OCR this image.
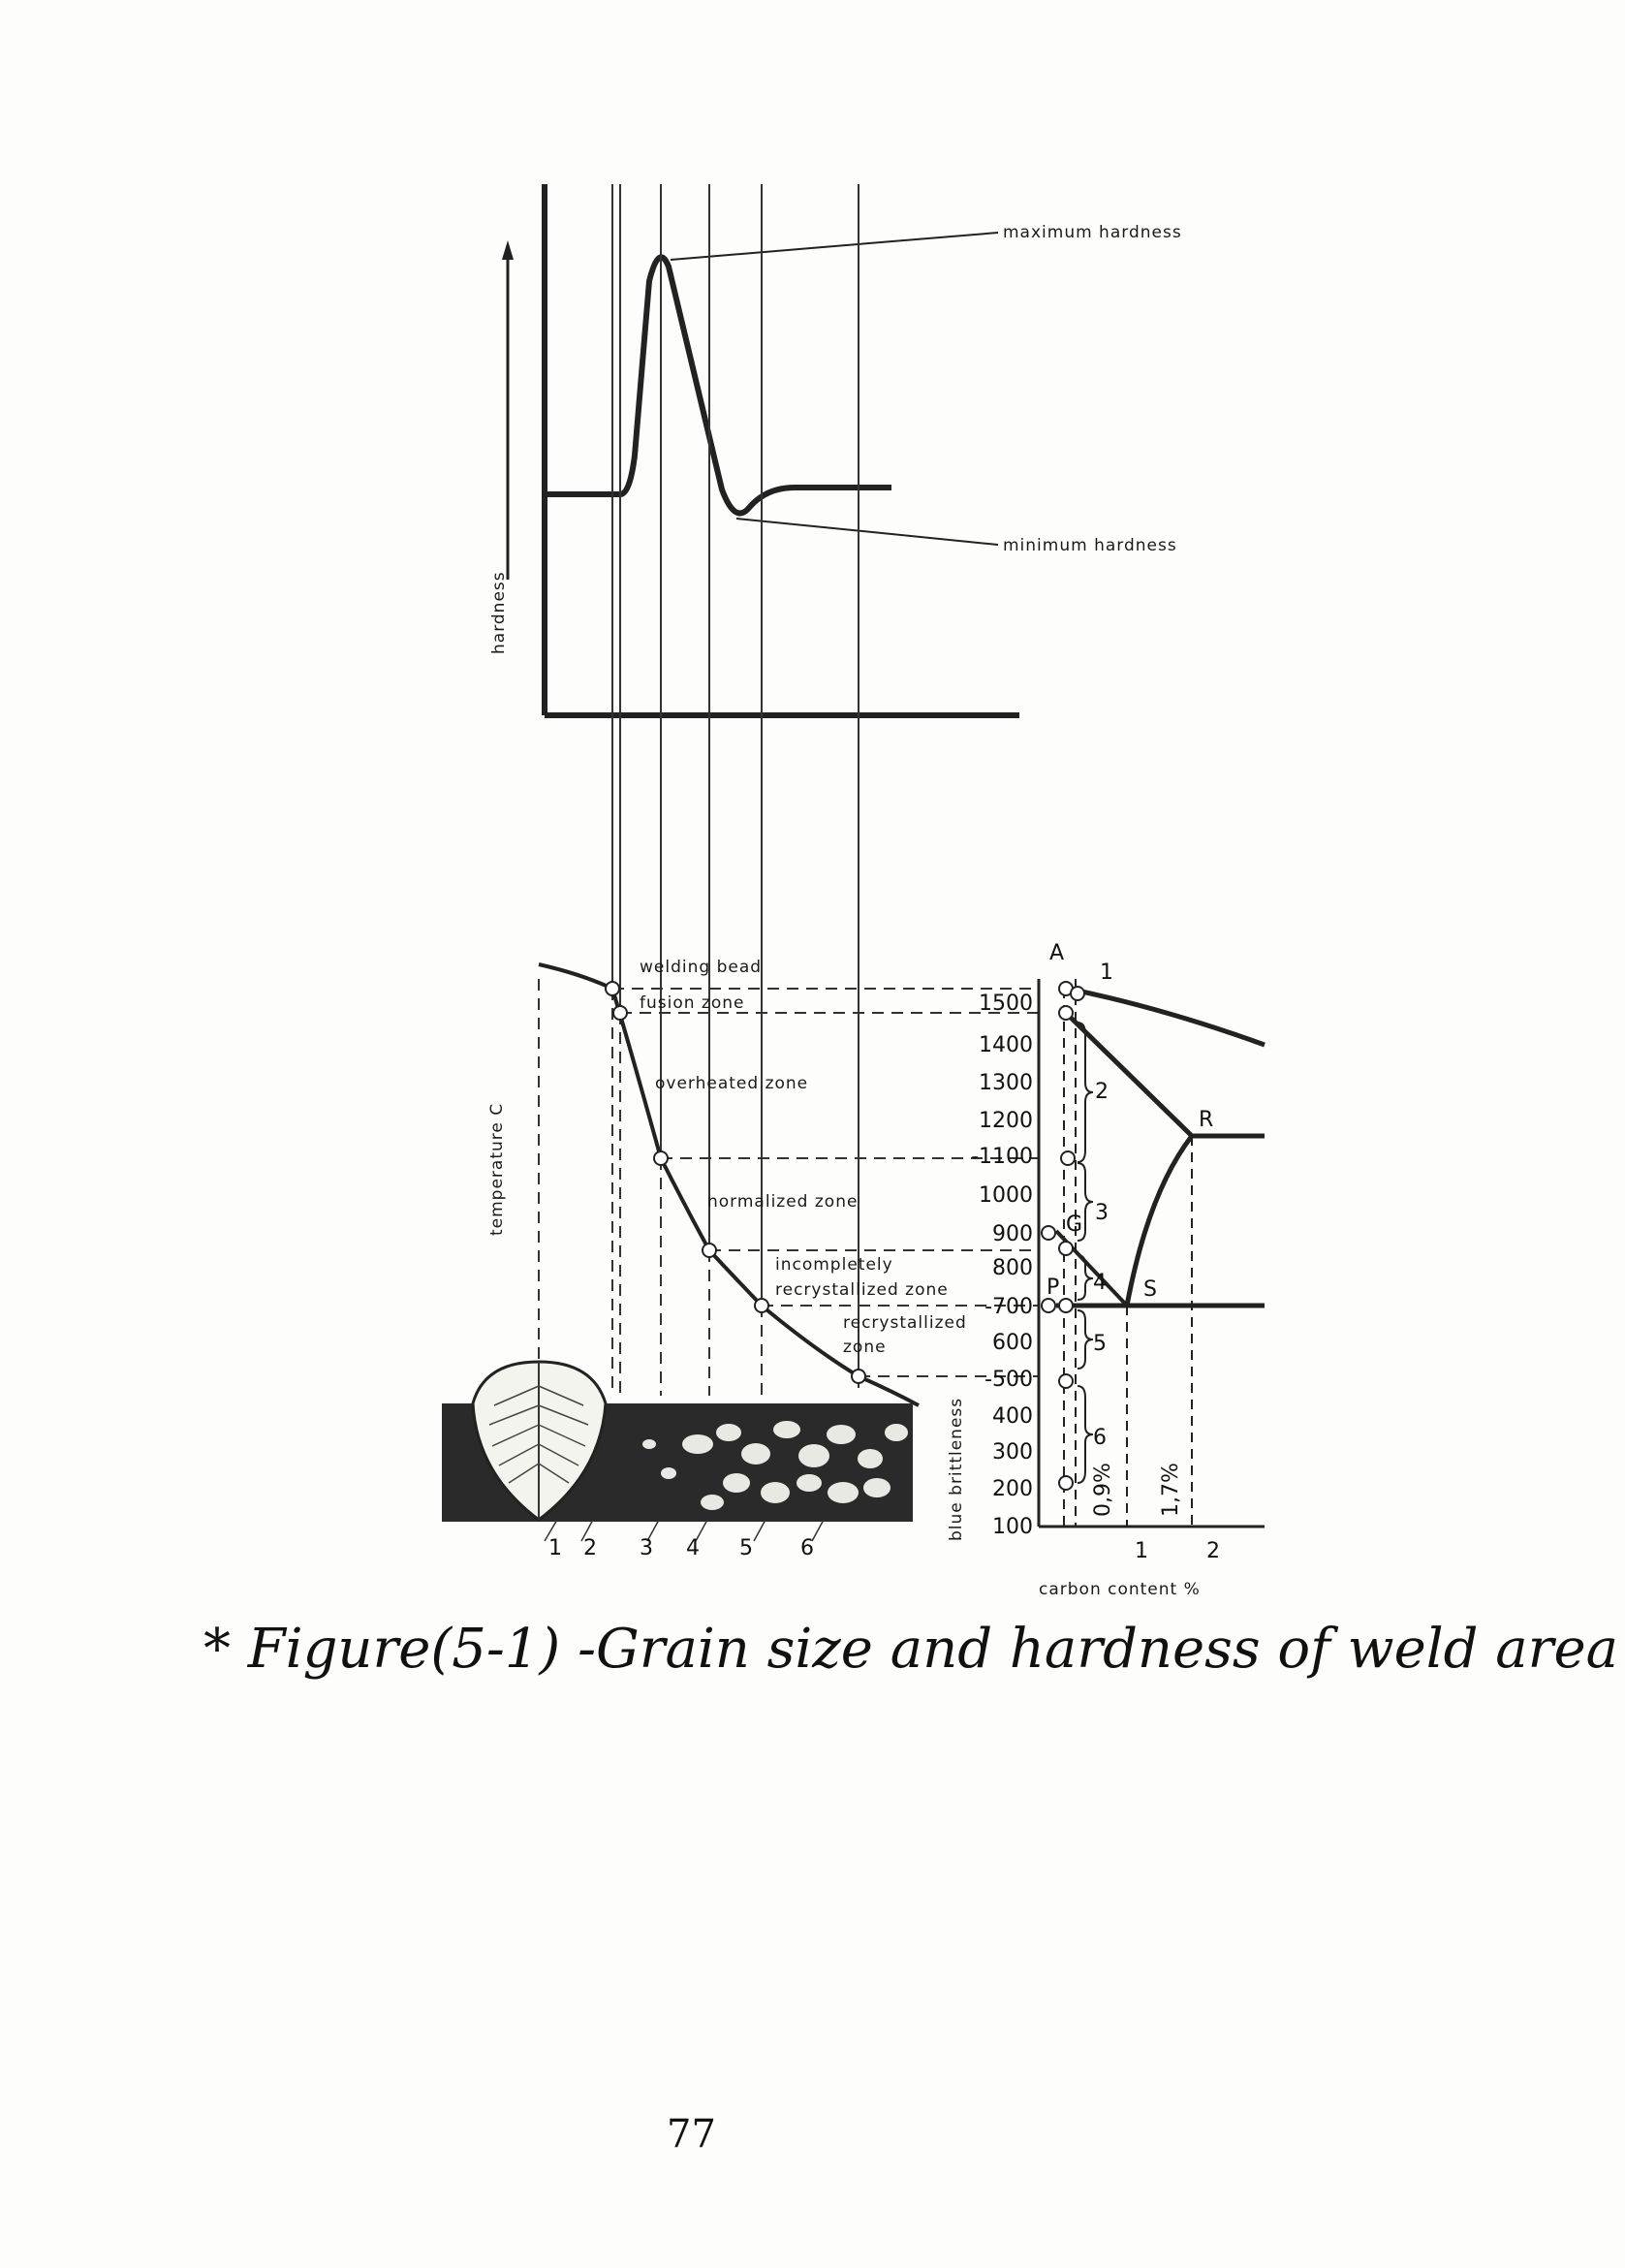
maximum hardness
minimum hardness
hardness
temperature C
welding bead
fusion zone
overheated zone
normalized zone
incompletely
recrystallized zone
recrystallized
zone
1500
1400
1300
1200
-1100
1000
900
800
-700
600
-500
400
300
200
100
blue brittleness
A
1
R
G
P	S
2
3
4
5
6
0,9% 1,7%
1	2
carbon content %
1 2 3 4 5 6
* Figure(5-1) -Grain size and hardness of weld area
77
